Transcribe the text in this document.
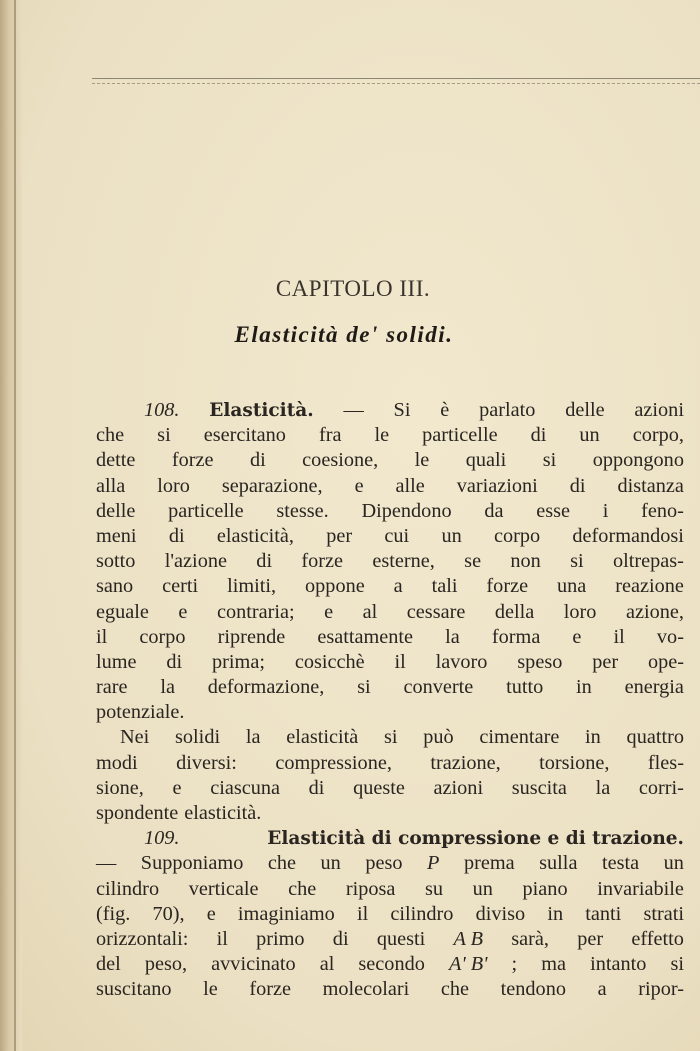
CAPITOLO III.
Elasticità de' solidi.
108. Elasticità. — Si è parlato delle azioni
che si esercitano fra le particelle di un corpo,
dette forze di coesione, le quali si oppongono
alla loro separazione, e alle variazioni di distanza
delle particelle stesse. Dipendono da esse i feno-
meni di elasticità, per cui un corpo deformandosi
sotto l'azione di forze esterne, se non si oltrepas-
sano certi limiti, oppone a tali forze una reazione
eguale e contraria; e al cessare della loro azione,
il corpo riprende esattamente la forma e il vo-
lume di prima; cosicchè il lavoro speso per ope-
rare la deformazione, si converte tutto in energia
potenziale.
Nei solidi la elasticità si può cimentare in quattro
modi diversi: compressione, trazione, torsione, fles-
sione, e ciascuna di queste azioni suscita la corri-
spondente elasticità.
109.	Elasticità di compressione e di trazione.
— Supponiamo che un peso P prema sulla testa un
cilindro verticale che riposa su un piano invariabile
(fig. 70), e imaginiamo il cilindro diviso in tanti strati
orizzontali: il primo di questi A B sarà, per effetto
del peso, avvicinato al secondo A' B' ; ma intanto si
suscitano le forze molecolari che tendono a ripor-
